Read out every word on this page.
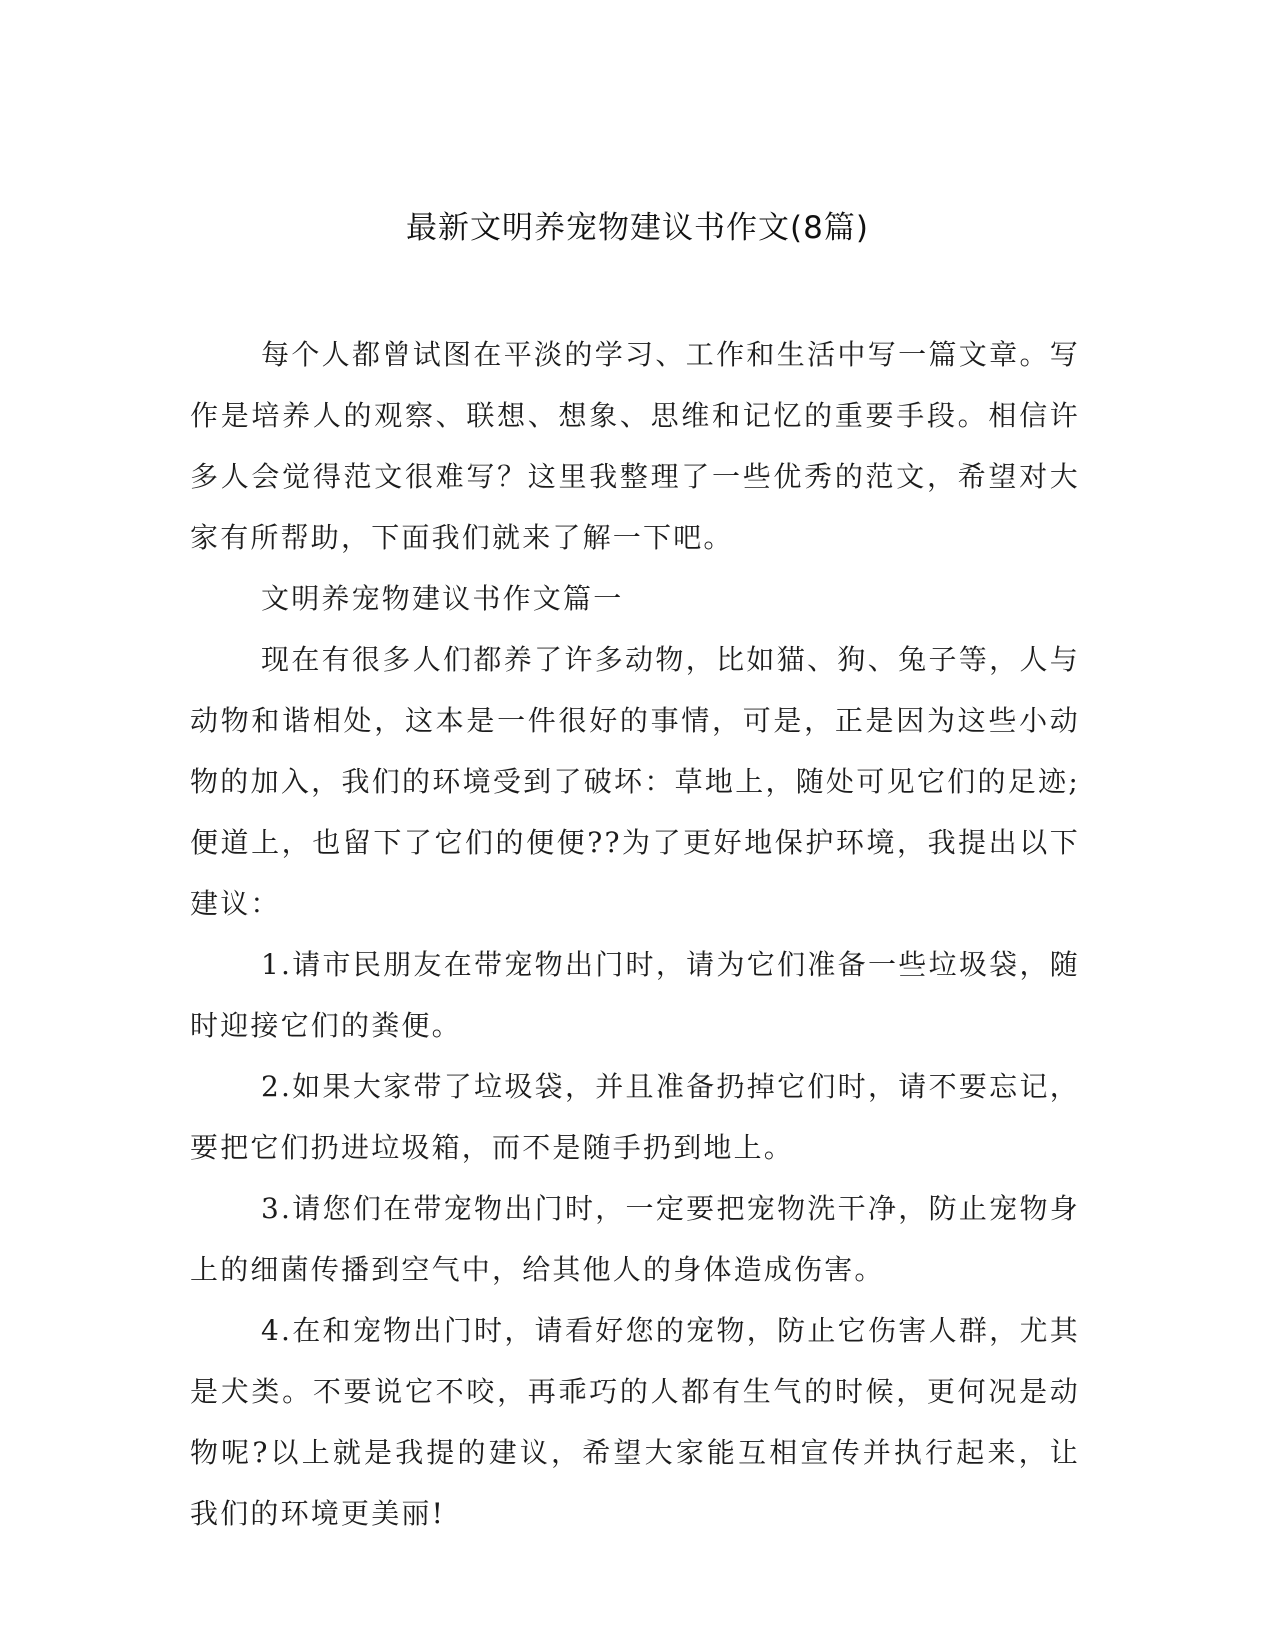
最新文明养宠物建议书作文(8篇)

每个人都曾试图在平淡的学习、工作和生活中写一篇文章。写作是培养人的观察、联想、想象、思维和记忆的重要手段。相信许多人会觉得范文很难写？这里我整理了一些优秀的范文，希望对大家有所帮助，下面我们就来了解一下吧。

文明养宠物建议书作文篇一

现在有很多人们都养了许多动物，比如猫、狗、兔子等，人与动物和谐相处，这本是一件很好的事情，可是，正是因为这些小动物的加入，我们的环境受到了破坏：草地上，随处可见它们的足迹;便道上，也留下了它们的便便??为了更好地保护环境，我提出以下建议：

1.请市民朋友在带宠物出门时，请为它们准备一些垃圾袋，随时迎接它们的粪便。

2.如果大家带了垃圾袋，并且准备扔掉它们时，请不要忘记，要把它们扔进垃圾箱，而不是随手扔到地上。

3.请您们在带宠物出门时，一定要把宠物洗干净，防止宠物身上的细菌传播到空气中，给其他人的身体造成伤害。

4.在和宠物出门时，请看好您的宠物，防止它伤害人群，尤其是犬类。不要说它不咬，再乖巧的人都有生气的时候，更何况是动物呢?以上就是我提的建议，希望大家能互相宣传并执行起来，让我们的环境更美丽!
